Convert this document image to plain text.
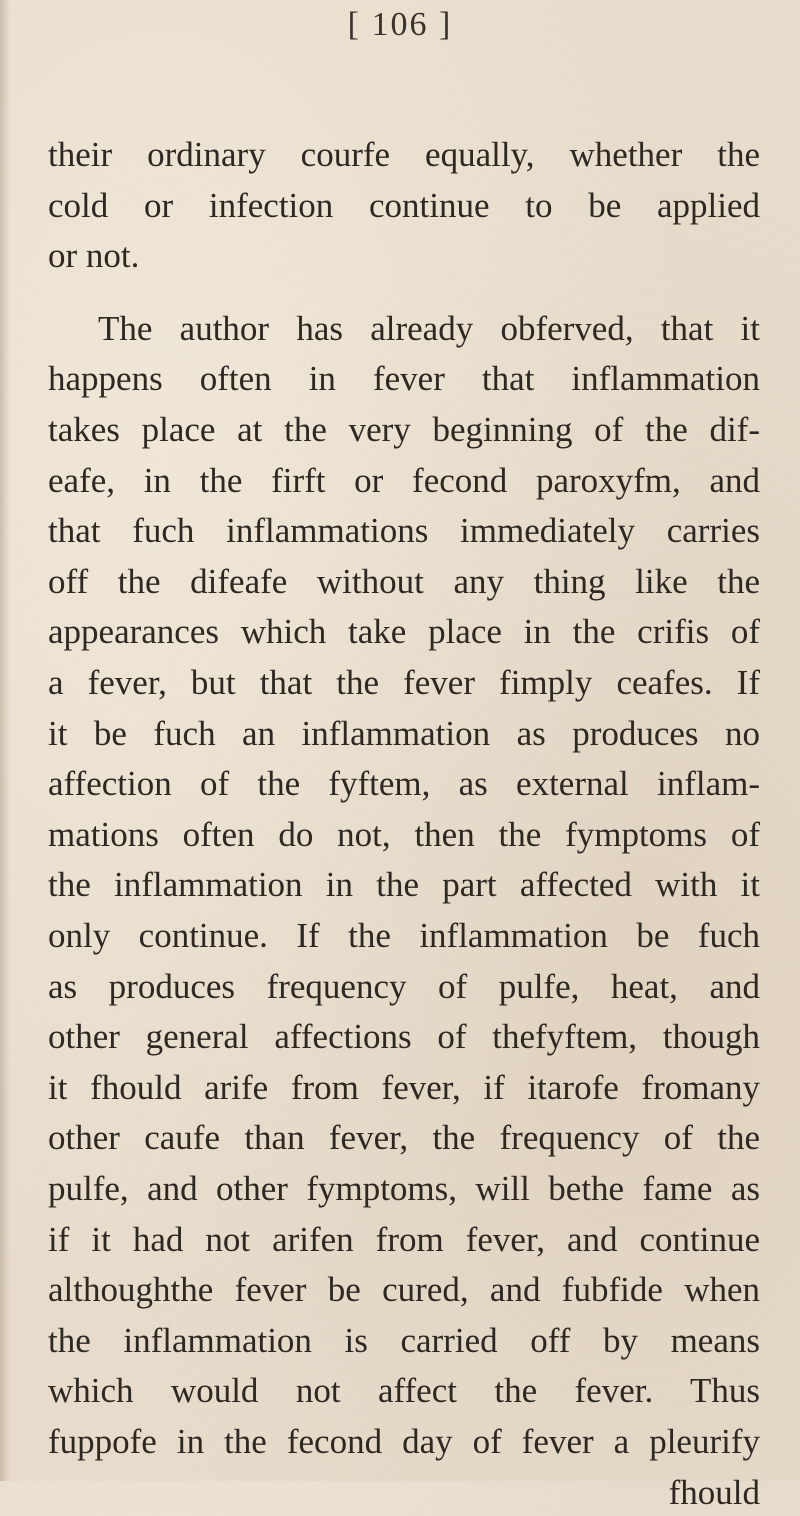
[ 106 ]
their ordinary courfe equally, whether the
cold or infection continue to be applied
or not.
The author has already obferved, that it
happens often in fever that inflammation
takes place at the very beginning of the dif-
eafe, in the firft or fecond paroxyfm, and
that fuch inflammations immediately carries
off the difeafe without any thing like the
appearances which take place in the crifis of
a fever, but that the fever fimply ceafes. If
it be fuch an inflammation as produces no
affection of the fyftem, as external inflam-
mations often do not, then the fymptoms of
the inflammation in the part affected with it
only continue. If the inflammation be fuch
as produces frequency of pulfe, heat, and
other general affections of thefyftem, though
it fhould arife from fever, if itarofe fromany
other caufe than fever, the frequency of the
pulfe, and other fymptoms, will bethe fame as
if it had not arifen from fever, and continue
althoughthe fever be cured, and fubfide when
the inflammation is carried off by means
which would not affect the fever. Thus
fuppofe in the fecond day of fever a pleurify
fhould
